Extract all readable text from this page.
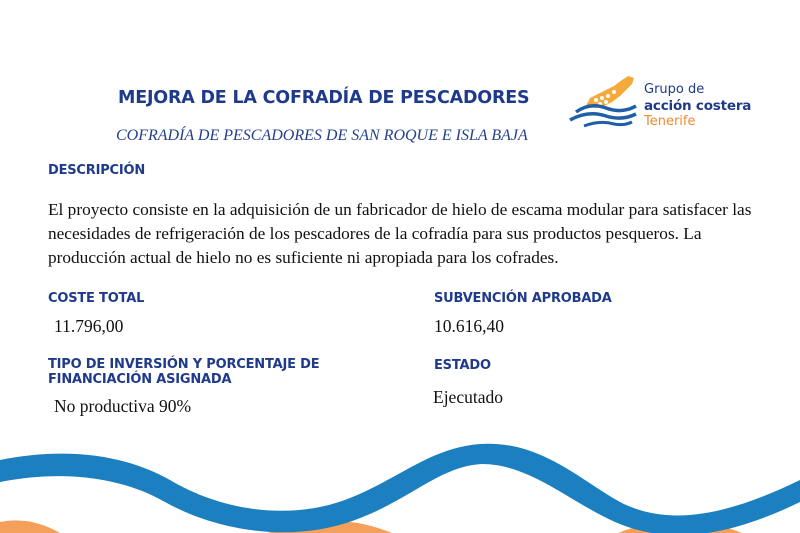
MEJORA DE LA COFRADÍA DE PESCADORES
COFRADÍA DE PESCADORES DE SAN ROQUE E ISLA BAJA
Grupo de
acción costera
Tenerife
DESCRIPCIÓN
El proyecto consiste en la adquisición de un fabricador de hielo de escama modular para satisfacer las necesidades de refrigeración de los pescadores de la cofradía para sus productos pesqueros. La producción actual de hielo no es suficiente ni apropiada para los cofrades.
COSTE TOTAL
11.796,00
SUBVENCIÓN APROBADA
10.616,40
TIPO DE INVERSIÓN Y PORCENTAJE DE FINANCIACIÓN ASIGNADA
No productiva 90%
ESTADO
Ejecutado
